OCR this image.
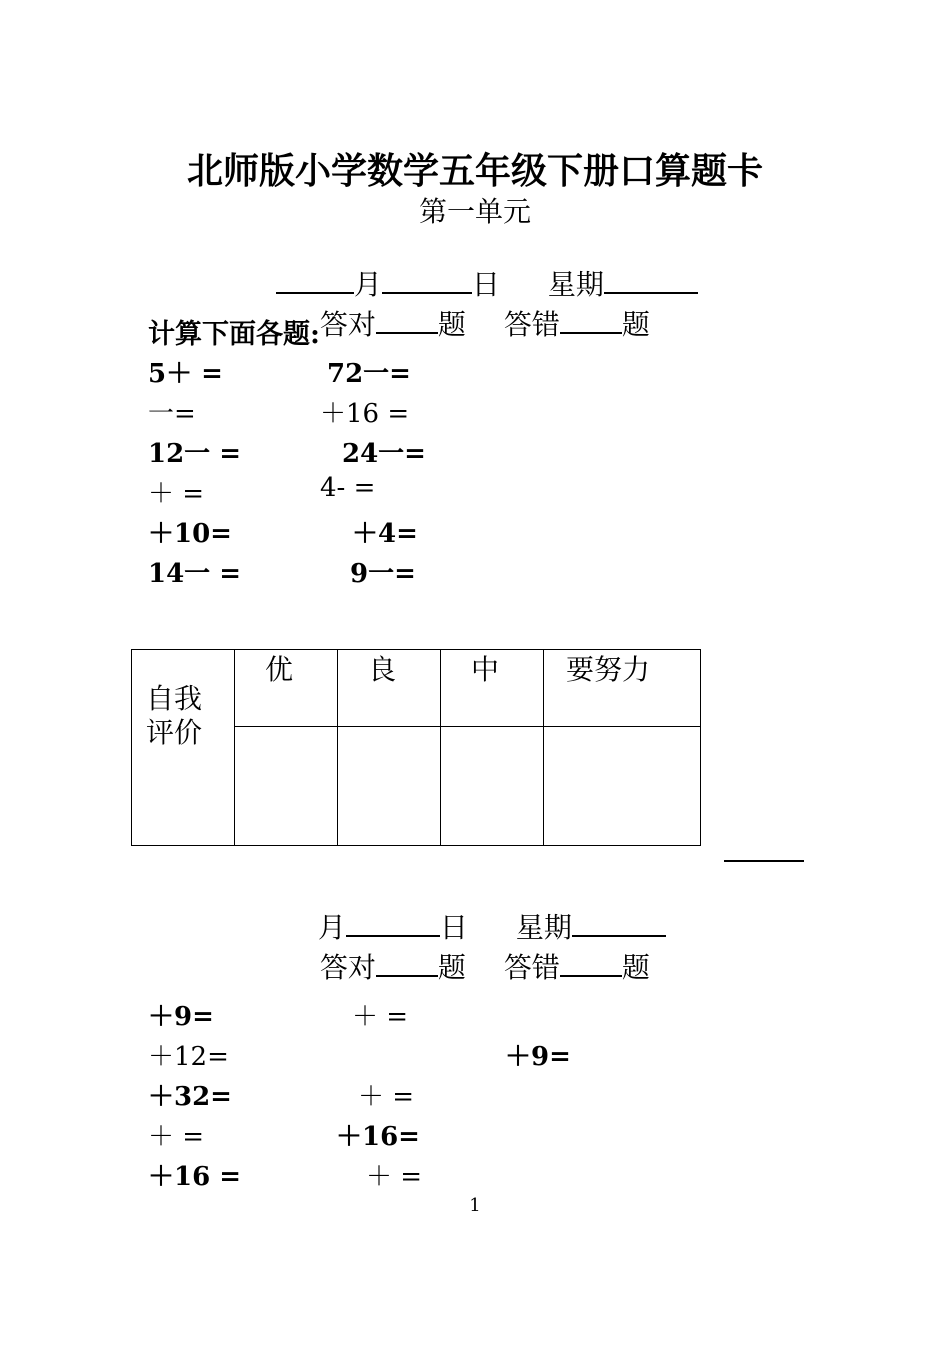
北师版小学数学五年级下册口算题卡
第一单元

月	日 星期

答对 题 答错 题

计算下面各题:
5＋ =	72一=
一=	＋16 =
12一 =	24一=
＋ =	4- =
＋10=	＋4=
14一 =	9一=
自我
评价	优	良	中	要努力

月	日 星期

答对 题 答错 题

＋9=	＋ =
＋12=	＋9=
＋32=	＋ =
＋ =	＋16=
＋16 =	＋ =
1
